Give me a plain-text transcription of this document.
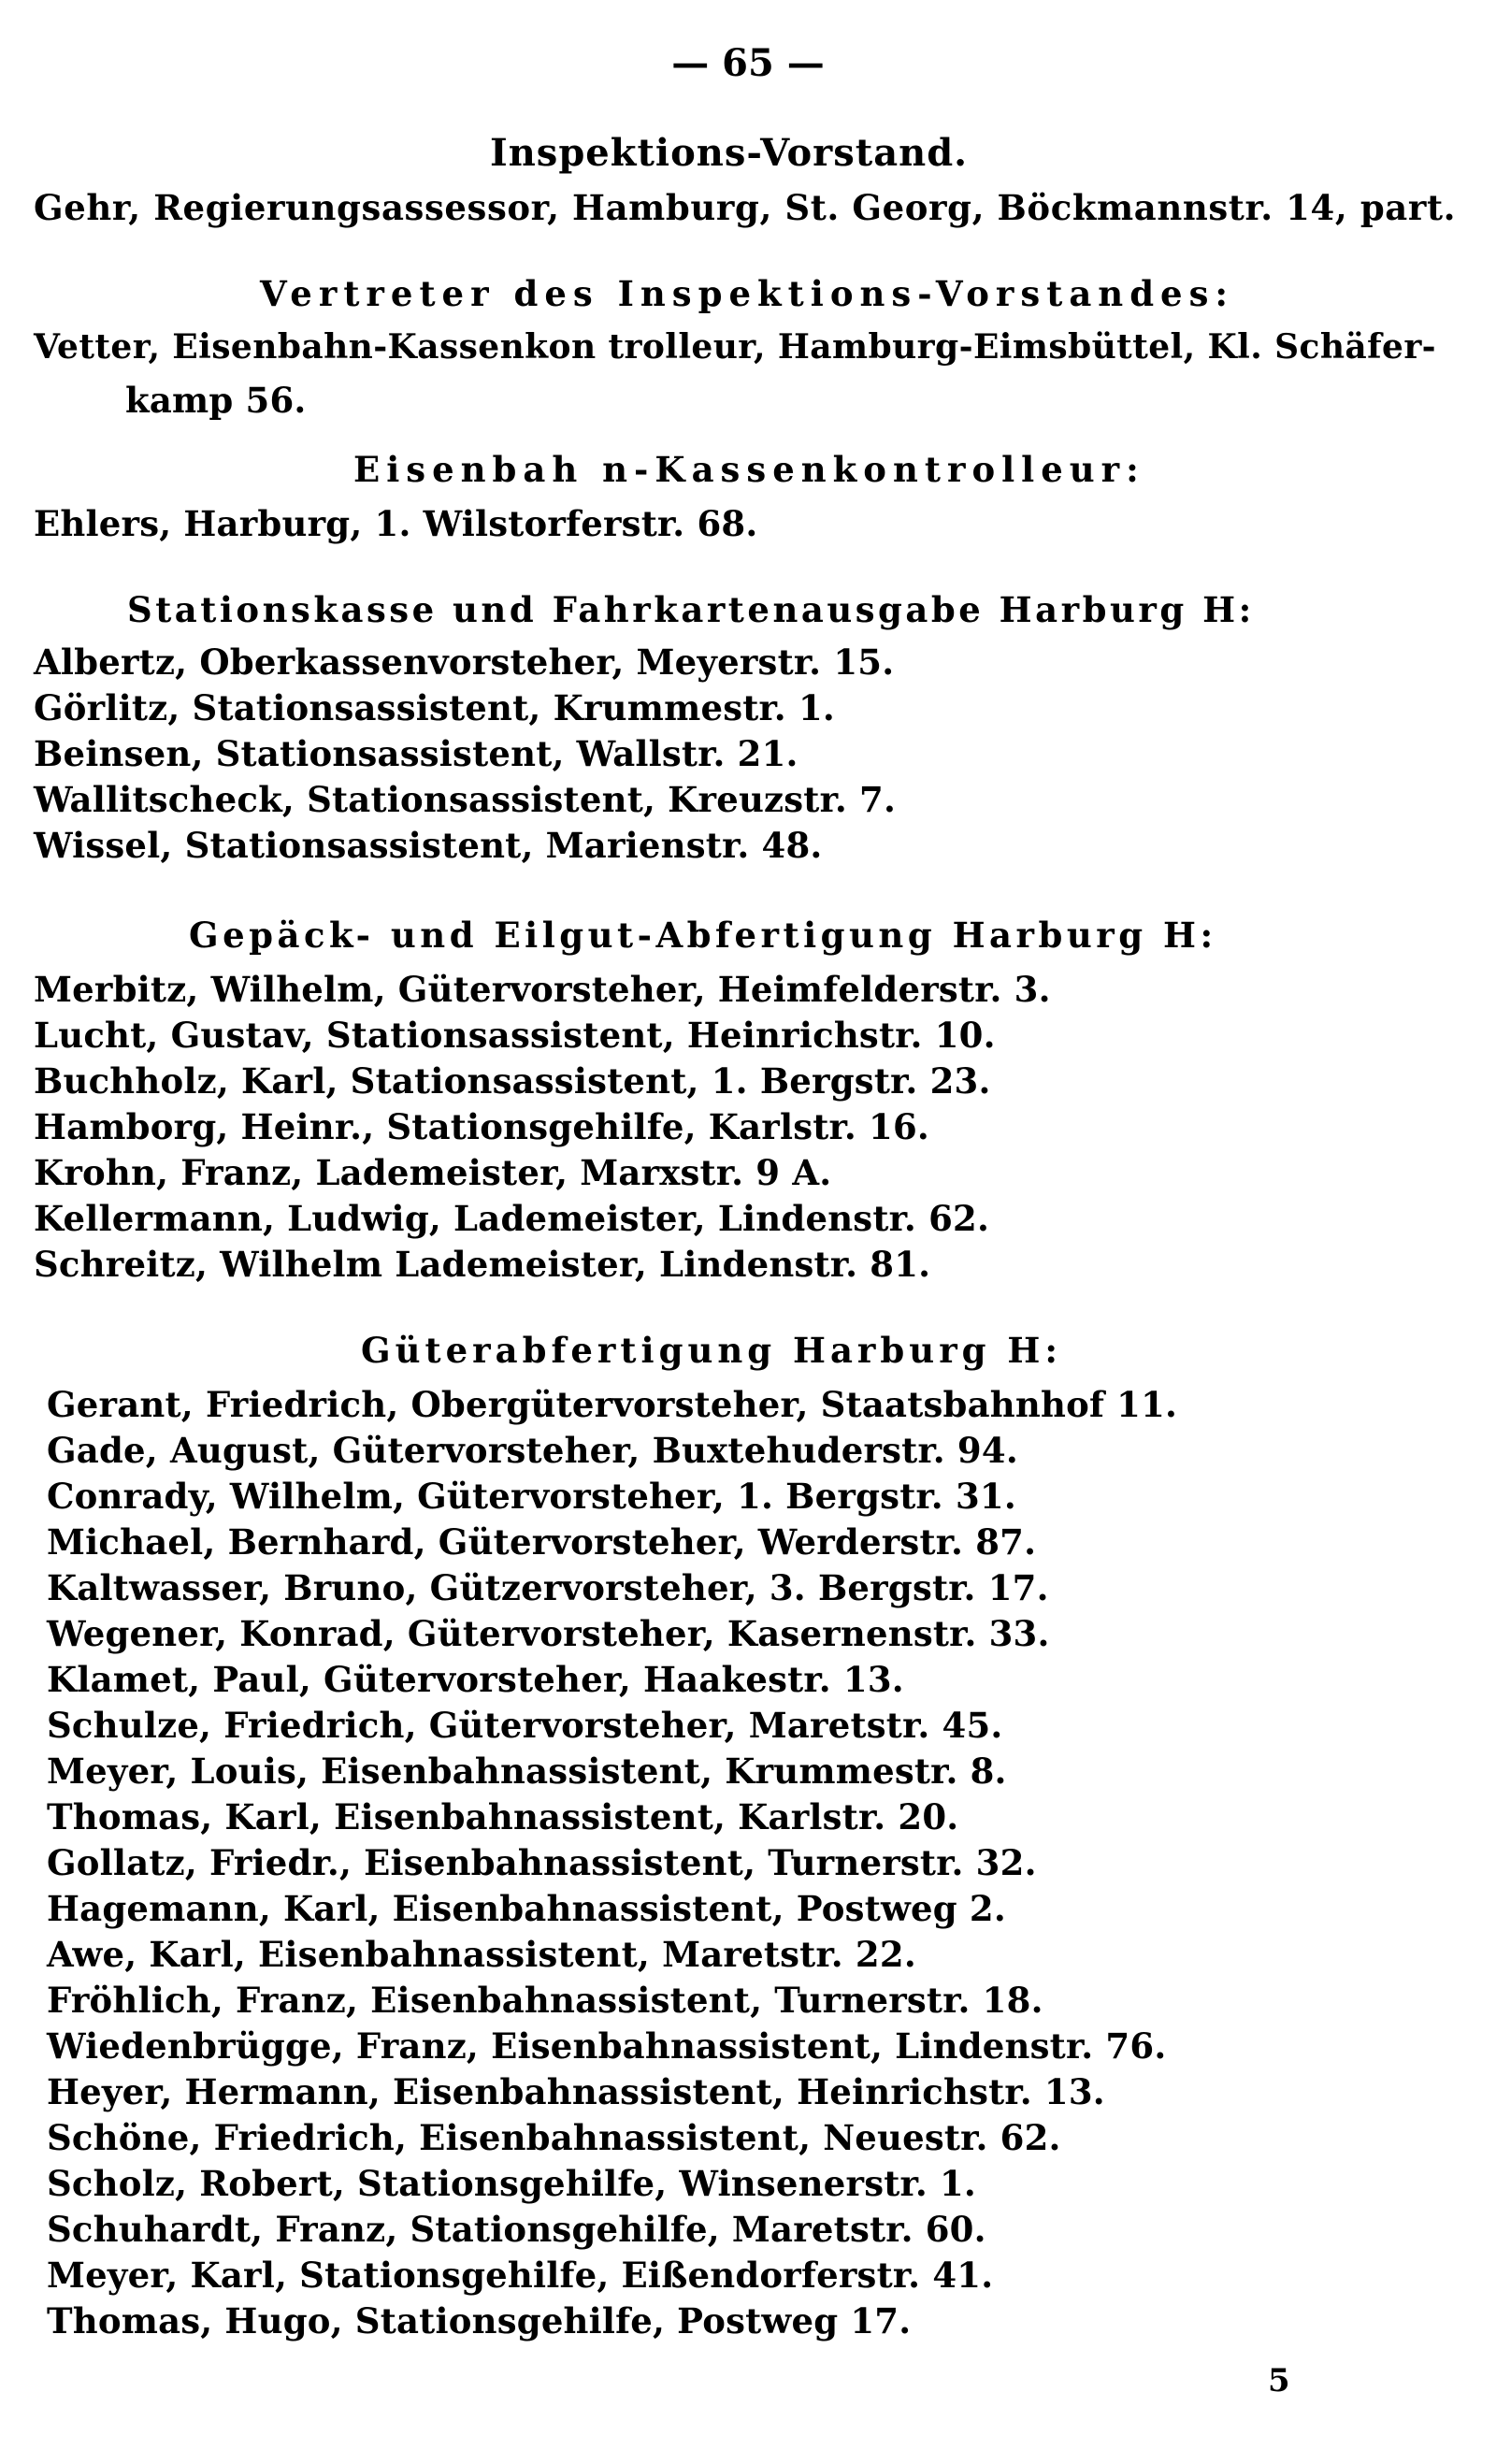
— 65 —
Inspektions-Vorstand.
Gehr, Regierungsassessor, Hamburg, St. Georg, Böckmannstr. 14, part.
Vertreter des Inspektions-Vorstandes:
Vetter, Eisenbahn-Kassenkon trolleur, Hamburg-Eimsbüttel, Kl. Schäfer-
kamp 56.
Eisenbah n-Kassenkontrolleur:
Ehlers, Harburg, 1. Wilstorferstr. 68.
Stationskasse und Fahrkartenausgabe Harburg H:
Albertz, Oberkassenvorsteher, Meyerstr. 15.
Görlitz, Stationsassistent, Krummestr. 1.
Beinsen, Stationsassistent, Wallstr. 21.
Wallitscheck, Stationsassistent, Kreuzstr. 7.
Wissel, Stationsassistent, Marienstr. 48.
Gepäck- und Eilgut-Abfertigung Harburg H:
Merbitz, Wilhelm, Gütervorsteher, Heimfelderstr. 3.
Lucht, Gustav, Stationsassistent, Heinrichstr. 10.
Buchholz, Karl, Stationsassistent, 1. Bergstr. 23.
Hamborg, Heinr., Stationsgehilfe, Karlstr. 16.
Krohn, Franz, Lademeister, Marxstr. 9 A.
Kellermann, Ludwig, Lademeister, Lindenstr. 62.
Schreitz, Wilhelm Lademeister, Lindenstr. 81.
Güterabfertigung Harburg H:
Gerant, Friedrich, Obergütervorsteher, Staatsbahnhof 11.
Gade, August, Gütervorsteher, Buxtehuderstr. 94.
Conrady, Wilhelm, Gütervorsteher, 1. Bergstr. 31.
Michael, Bernhard, Gütervorsteher, Werderstr. 87.
Kaltwasser, Bruno, Gützervorsteher, 3. Bergstr. 17.
Wegener, Konrad, Gütervorsteher, Kasernenstr. 33.
Klamet, Paul, Gütervorsteher, Haakestr. 13.
Schulze, Friedrich, Gütervorsteher, Maretstr. 45.
Meyer, Louis, Eisenbahnassistent, Krummestr. 8.
Thomas, Karl, Eisenbahnassistent, Karlstr. 20.
Gollatz, Friedr., Eisenbahnassistent, Turnerstr. 32.
Hagemann, Karl, Eisenbahnassistent, Postweg 2.
Awe, Karl, Eisenbahnassistent, Maretstr. 22.
Fröhlich, Franz, Eisenbahnassistent, Turnerstr. 18.
Wiedenbrügge, Franz, Eisenbahnassistent, Lindenstr. 76.
Heyer, Hermann, Eisenbahnassistent, Heinrichstr. 13.
Schöne, Friedrich, Eisenbahnassistent, Neuestr. 62.
Scholz, Robert, Stationsgehilfe, Winsenerstr. 1.
Schuhardt, Franz, Stationsgehilfe, Maretstr. 60.
Meyer, Karl, Stationsgehilfe, Eißendorferstr. 41.
Thomas, Hugo, Stationsgehilfe, Postweg 17.
5
